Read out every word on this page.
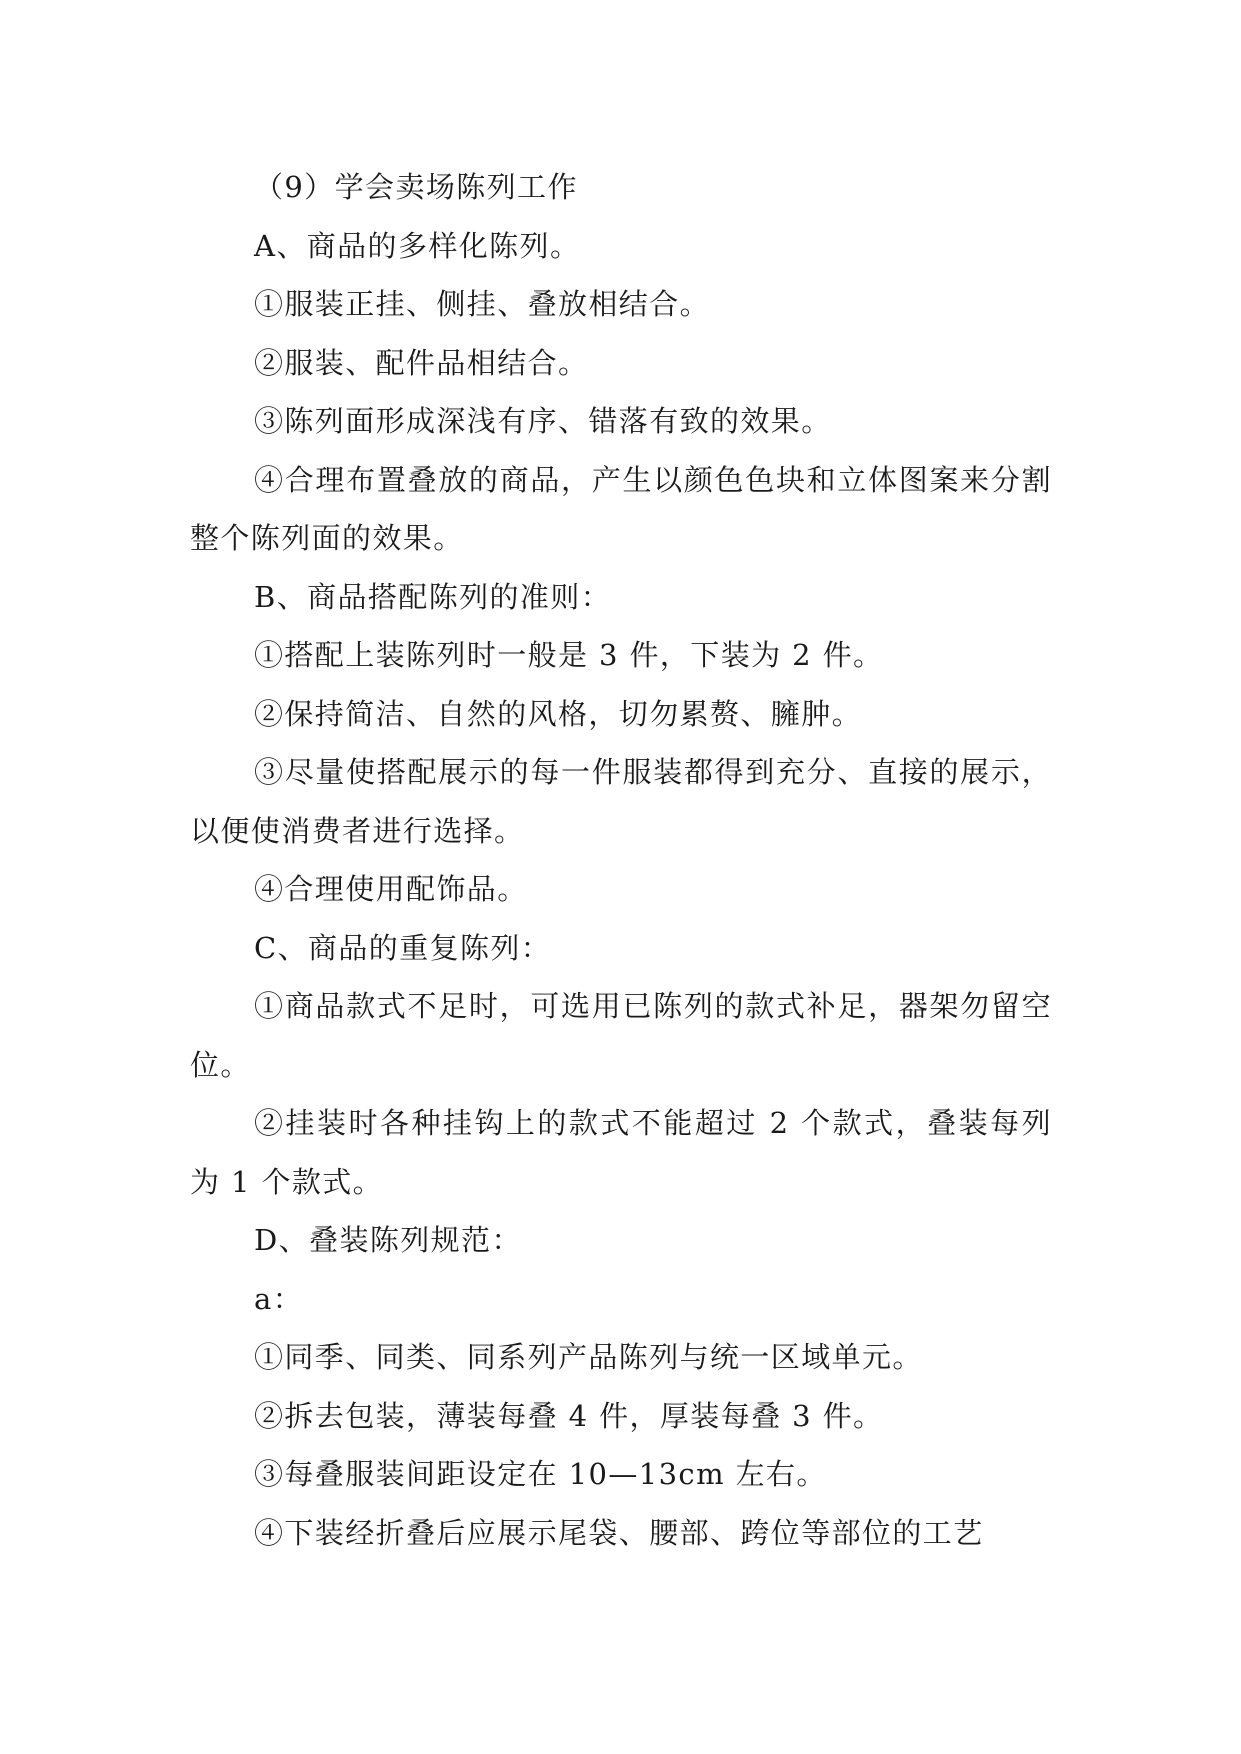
（9）学会卖场陈列工作

A、商品的多样化陈列。

①服装正挂、侧挂、叠放相结合。

②服装、配件品相结合。

③陈列面形成深浅有序、错落有致的效果。

④合理布置叠放的商品，产生以颜色色块和立体图案来分割整个陈列面的效果。

B、商品搭配陈列的准则：

①搭配上装陈列时一般是 3 件，下装为 2 件。

②保持简洁、自然的风格，切勿累赘、臃肿。

③尽量使搭配展示的每一件服装都得到充分、直接的展示，以便使消费者进行选择。

④合理使用配饰品。

C、商品的重复陈列：

①商品款式不足时，可选用已陈列的款式补足，器架勿留空位。

②挂装时各种挂钩上的款式不能超过 2 个款式，叠装每列为 1 个款式。

D、叠装陈列规范：

a：

①同季、同类、同系列产品陈列与统一区域单元。

②拆去包装，薄装每叠 4 件，厚装每叠 3 件。

③每叠服装间距设定在 10—13cm 左右。

④下装经折叠后应展示尾袋、腰部、跨位等部位的工艺
